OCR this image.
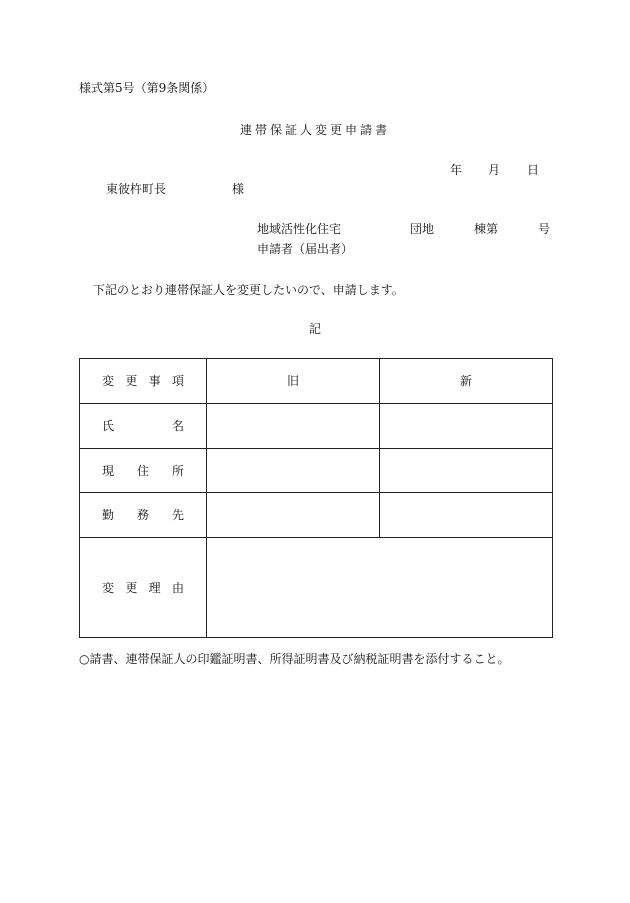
様式第5号（第9条関係）
連帯保証人変更申請書
年 月 日
東彼杵町長	様
地域活性化住宅	団地	棟第	号
申請者（届出者）
下記のとおり連帯保証人を変更したいので、申請します。
記
変 更 事 項	旧	新

氏 名		

現 住 所		

勤 務 先		

変 更 理 由		

○請書、連帯保証人の印鑑証明書、所得証明書及び納税証明書を添付すること。
